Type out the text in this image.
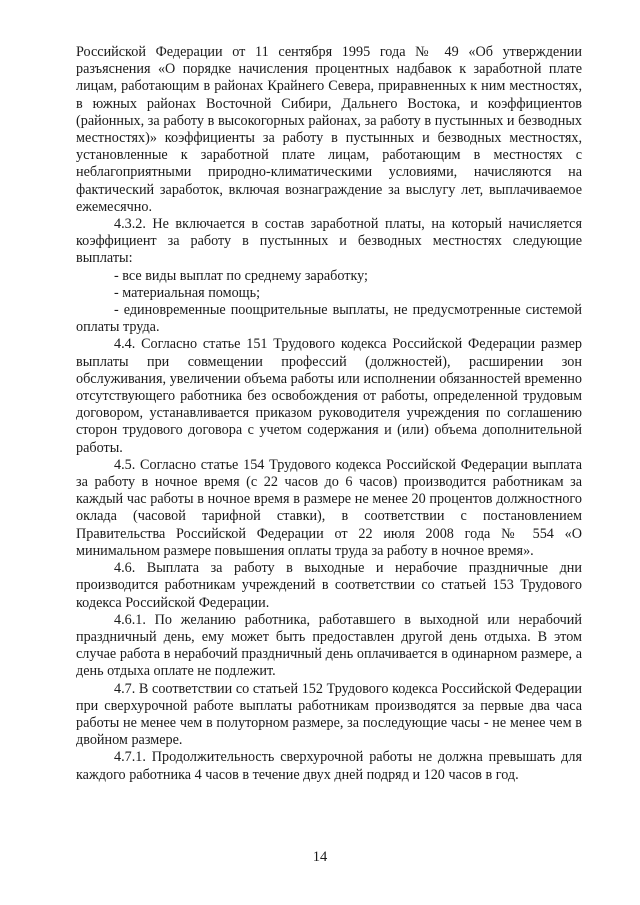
Российской Федерации от 11 сентября 1995 года № 49 «Об утверждении разъяснения «О порядке начисления процентных надбавок к заработной плате лицам, работающим в районах Крайнего Севера, приравненных к ним местностях, в южных районах Восточной Сибири, Дальнего Востока, и коэффициентов (районных, за работу в высокогорных районах, за работу в пустынных и безводных местностях)» коэффициенты за работу в пустынных и безводных местностях, установленные к заработной плате лицам, работающим в местностях с неблагоприятными природно-климатическими условиями, начисляются на фактический заработок, включая вознаграждение за выслугу лет, выплачиваемое ежемесячно.

4.3.2. Не включается в состав заработной платы, на который начисляется коэффициент за работу в пустынных и безводных местностях следующие выплаты:

- все виды выплат по среднему заработку;

- материальная помощь;

- единовременные поощрительные выплаты, не предусмотренные системой оплаты труда.

4.4. Согласно статье 151 Трудового кодекса Российской Федерации размер выплаты при совмещении профессий (должностей), расширении зон обслуживания, увеличении объема работы или исполнении обязанностей временно отсутствующего работника без освобождения от работы, определенной трудовым договором, устанавливается приказом руководителя учреждения по соглашению сторон трудового договора с учетом содержания и (или) объема дополнительной работы.

4.5. Согласно статье 154 Трудового кодекса Российской Федерации выплата за работу в ночное время (с 22 часов до 6 часов) производится работникам за каждый час работы в ночное время в размере не менее 20 процентов должностного оклада (часовой тарифной ставки), в соответствии с постановлением Правительства Российской Федерации от 22 июля 2008 года № 554 «О минимальном размере повышения оплаты труда за работу в ночное время».

4.6. Выплата за работу в выходные и нерабочие праздничные дни производится работникам учреждений в соответствии со статьей 153 Трудового кодекса Российской Федерации.

4.6.1. По желанию работника, работавшего в выходной или нерабочий праздничный день, ему может быть предоставлен другой день отдыха. В этом случае работа в нерабочий праздничный день оплачивается в одинарном размере, а день отдыха оплате не подлежит.

4.7. В соответствии со статьей 152 Трудового кодекса Российской Федерации при сверхурочной работе выплаты работникам производятся за первые два часа работы не менее чем в полуторном размере, за последующие часы - не менее чем в двойном размере.

4.7.1. Продолжительность сверхурочной работы не должна превышать для каждого работника 4 часов в течение двух дней подряд и 120 часов в год.

14
